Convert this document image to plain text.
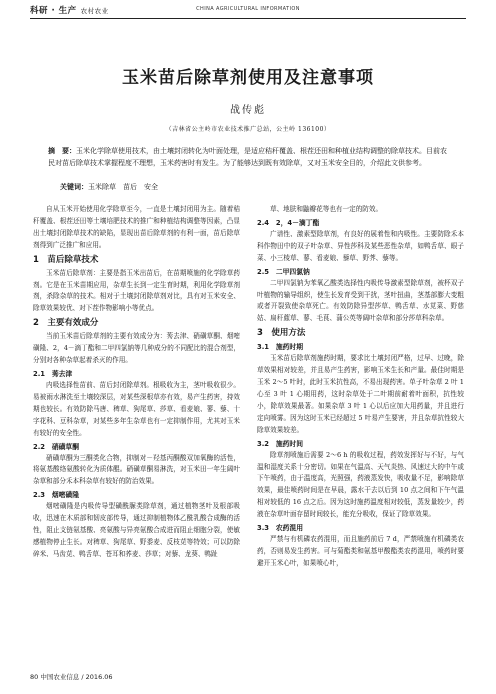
科研 · 生产 农村农业	CHINA AGRICULTURAL INFORMATION
玉米苗后除草剂使用及注意事项
战传彪
（吉林省公主岭市农业技术推广总站，公主岭 136100）
摘　要：玉米化学除草使用技术，由土壤封闭转化为叶面处理，是适应秸秆覆盖、根茬还田和种植业结构调整的除草技术。目前农民对苗后除草技术掌握程度不理想，玉米药害时有发生。为了能够达到既有效除草，又对玉米安全目的，介绍此文供参考。
关键词：玉米除草　苗后　安全

自从玉米开始使用化学除草至今，一直是土壤封闭用为主。随着秸秆覆盖、根茬还田等土壤培肥技术的推广和种植结构调整等因素，凸显出土壤封闭除草技术的缺陷，显现出苗后除草剂的有利一面，苗后除草剂得到广泛推广和应用。

1　苗后除草技术

玉米苗后除草剂：主要是指玉米出苗后，在苗期喷施的化学除草药剂。它是在玉米苗期应用，杂草生长到一定生育时期，利用化学除草剂剂，杀除杂草的技术。相对于土壤封闭除草剂对比，具有对玉米安全、除草效果较优、对下茬作物影响小等优点。

2　主要有效成分

当前玉米苗后除草剂的主要有效成分为：莠去津、硝磺草酮、烟嘧磺隆、2，4－滴丁酯和二甲四氯钠等几种成分的不同配比的混合剂型，分别对各种杂草起着杀灭的作用。

2.1　莠去津

内吸选择性苗前、苗后封闭除草剂。根吸收为主，茎叶吸收很少。易被雨水淋洗至土壤较深层，对某些深根草亦有效，易产生药害，持效期也较长。有效防除马唐、稗草、狗尾草、莎草、看麦娘、蓼、藜、十字花科、豆科杂草，对某些多年生杂草也有一定抑制作用，尤其对玉米有较好的安全性。

2.2　硝磺草酮

硝磺草酮为三酮类化合物，抑制对－羟基丙酮酸双加氧酶的活性，将氨基酸络氨酸转化为质体醌。硝磺草酮易淋洗，对玉米田一年生阔叶杂草和部分禾本科杂草有较好的防治效果。

2.3　烟嘧磺隆

烟嘧磺隆是内吸传导型磺酰脲类除草剂，通过植物茎叶及根部吸收，迅速在木质部和韧皮部传导，通过抑制植物体乙酰乳酸合成酶的活性，阻止支链氨基酸、亮氨酸与异亮氨酸合成进而阻止细胞分裂，使敏感植物停止生长。对稗草、狗尾草、野黍麦、反枝苋等特效；可以防除碎米、马齿苋、鸭舌草、苍耳和荞麦、莎草；对藜、龙葵、鸭趾

草、地肤和鼬瓣花等也有一定的防效。

2.4　2，4－滴丁酯

广谱性、激素型除草剂，有良好的展着性和内吸性。主要防除禾本科作物田中的双子叶杂草、异性莎科及某些恶性杂草，如鸭舌草、眼子菜、小三棱草、蓼、看麦娘、藜草、野荠、藜等。

2.5　二甲四氯钠

二甲四氯钠为苯氧乙酸类选择性内吸传导激素型除草剂，被杯双子叶植物的输导组织，使生长发育受到干扰，茎叶扭曲，茎基部膨大变粗或者开裂致使杂草死亡。有效防除异型莎草、鸭舌草、水苋菜、野慈姑、扁秆藨草、蓼、毛茛、蒲公英等阔叶杂草和部分莎草科杂草。

3　使用方法
3.1　施药时期

玉米苗后除草剂施药时期，要求比土壤封闭严格，过早、过晚，除草效果相对较差，并且易产生药害，影响玉米生长和产量。最佳时期是玉米 2～5 叶时，此时玉米抗性高，不易出现药害。单子叶杂草 2 叶 1 心至 3 叶 1 心期用药，这时杂草处于二叶期前耐着叶面积，抗性较小，除草效果最著。如果杂草 3 叶 1 心以后应加大用药量，并且进行定向喷雾。因为这时玉米已经超过 5 叶易产生要害，并且杂草抗性较大除草效果较差。

3.2　施药时间

除草剂喷施后需要 2～6 h 的吸收过程，药效发挥好与不好，与气温和湿度关系十分密切。如果在气温高、天气炎热、风速过大的中午或下午喷药，由于温度高，光照强，药液蒸发快，吸收量不足，影响除草效果，最佳喷药时间是在早晨，露水干去以后到 10 点之间和下午气温相对较低的 16 点之后。因为这时施药温度相对较低，蒸发量较少，药液在杂草叶面存留时间较长，能充分吸收，保证了除草效果。

3.3　农药混用

严禁与有机磷农药混用，而且施药前后 7 d，严禁喷施有机磷类农药，否则易发生药害。可与菊酯类和氨基甲酸酯类农药混用，喷药时要避开玉米心叶，如果喷心叶，

80 中国农业信息 / 2016.06
